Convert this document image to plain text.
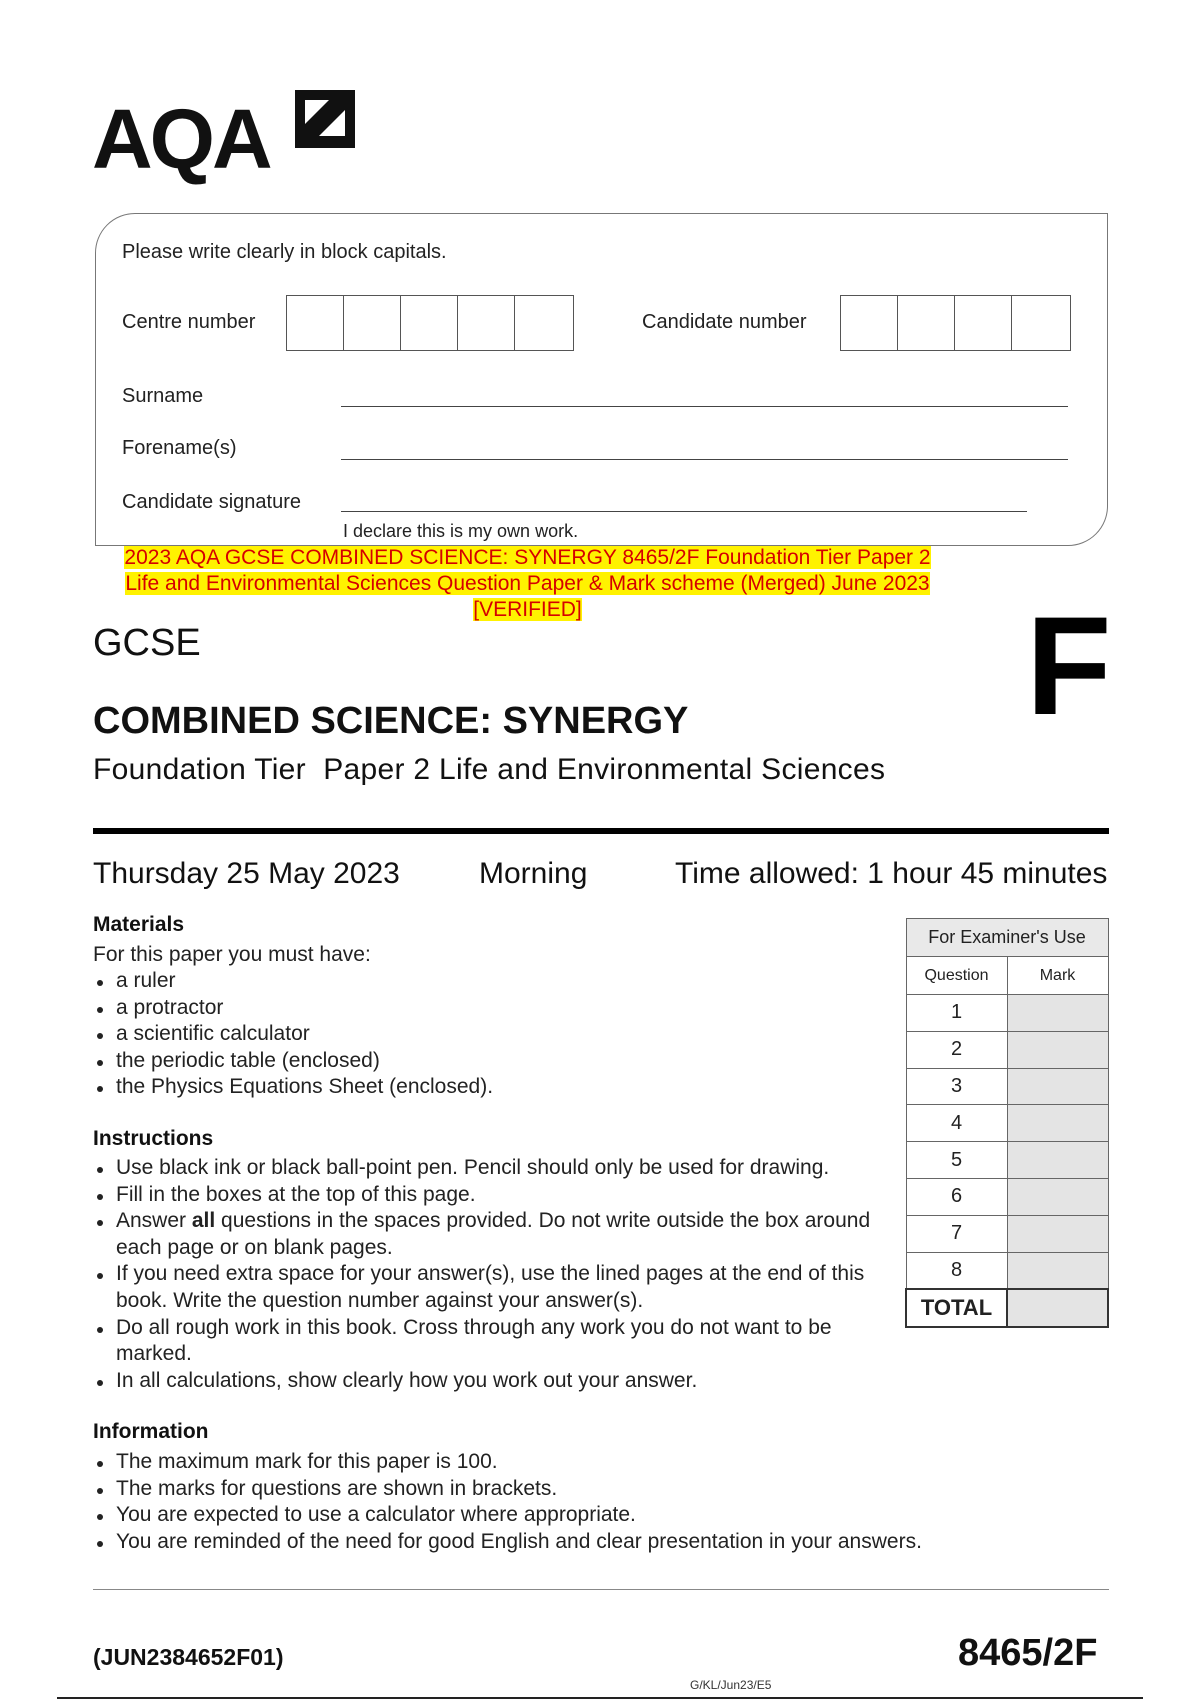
AQA
Please write clearly in block capitals.
Centre number	Candidate number
Surname
Forename(s)
Candidate signature
I declare this is my own work.
2023 AQA GCSE COMBINED SCIENCE: SYNERGY 8465/2F Foundation Tier Paper 2
Life and Environmental Sciences Question Paper & Mark scheme (Merged) June 2023
[VERIFIED]
GCSE	F
COMBINED SCIENCE: SYNERGY
Foundation Tier  Paper 2 Life and Environmental Sciences
Thursday 25 May 2023	Morning	Time allowed: 1 hour 45 minutes
Materials
For this paper you must have:
a ruler
a protractor
a scientific calculator
the periodic table (enclosed)
the Physics Equations Sheet (enclosed).
Instructions
Use black ink or black ball-point pen. Pencil should only be used for drawing.
Fill in the boxes at the top of this page.
Answer all questions in the spaces provided. Do not write outside the box around each page or on blank pages.
If you need extra space for your answer(s), use the lined pages at the end of this book. Write the question number against your answer(s).
Do all rough work in this book. Cross through any work you do not want to be marked.
In all calculations, show clearly how you work out your answer.
Information
The maximum mark for this paper is 100.
The marks for questions are shown in brackets.
You are expected to use a calculator where appropriate.
You are reminded of the need for good English and clear presentation in your answers.
For Examiner's Use	
Question	Mark
1	
2	
3	
4	
5	
6	
7	
8	
TOTAL	
(JUN2384652F01)	8465/2F
G/KL/Jun23/E5
